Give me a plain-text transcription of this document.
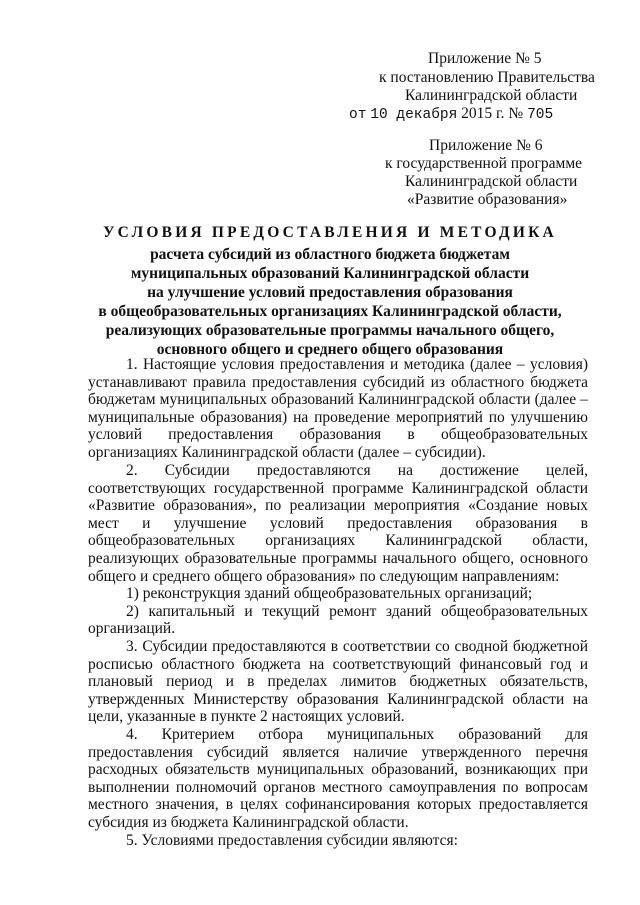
Приложение № 5
к постановлению Правительства
Калининградской области
от 10 декабря 2015 г. № 705
Приложение № 6
к государственной программе
Калининградской области
«Развитие образования»
УСЛОВИЯ ПРЕДОСТАВЛЕНИЯ И МЕТОДИКА
расчета субсидий из областного бюджета бюджетам
муниципальных образований Калининградской области
на улучшение условий предоставления образования
в общеобразовательных организациях Калининградской области,
реализующих образовательные программы начального общего,
основного общего и среднего общего образования

1. Настоящие условия предоставления и методика (далее – условия) устанавливают правила предоставления субсидий из областного бюджета бюджетам муниципальных образований Калининградской области (далее – муниципальные образования) на проведение мероприятий по улучшению условий предоставления образования в общеобразовательных организациях Калининградской области (далее – субсидии).

2. Субсидии предоставляются на достижение целей, соответствующих государственной программе Калининградской области «Развитие образования», по реализации мероприятия «Создание новых мест и улучшение условий предоставления образования в общеобразовательных организациях Калининградской области, реализующих образовательные программы начального общего, основного общего и среднего общего образования» по следующим направлениям:

1) реконструкция зданий общеобразовательных организаций;

2) капитальный и текущий ремонт зданий общеобразовательных организаций.

3. Субсидии предоставляются в соответствии со сводной бюджетной росписью областного бюджета на соответствующий финансовый год и плановый период и в пределах лимитов бюджетных обязательств, утвержденных Министерству образования Калининградской области на цели, указанные в пункте 2 настоящих условий.

4. Критерием отбора муниципальных образований для предоставления субсидий является наличие утвержденного перечня расходных обязательств муниципальных образований, возникающих при выполнении полномочий органов местного самоуправления по вопросам местного значения, в целях софинансирования которых предоставляется субсидия из бюджета Калининградской области.

5. Условиями предоставления субсидии являются:
